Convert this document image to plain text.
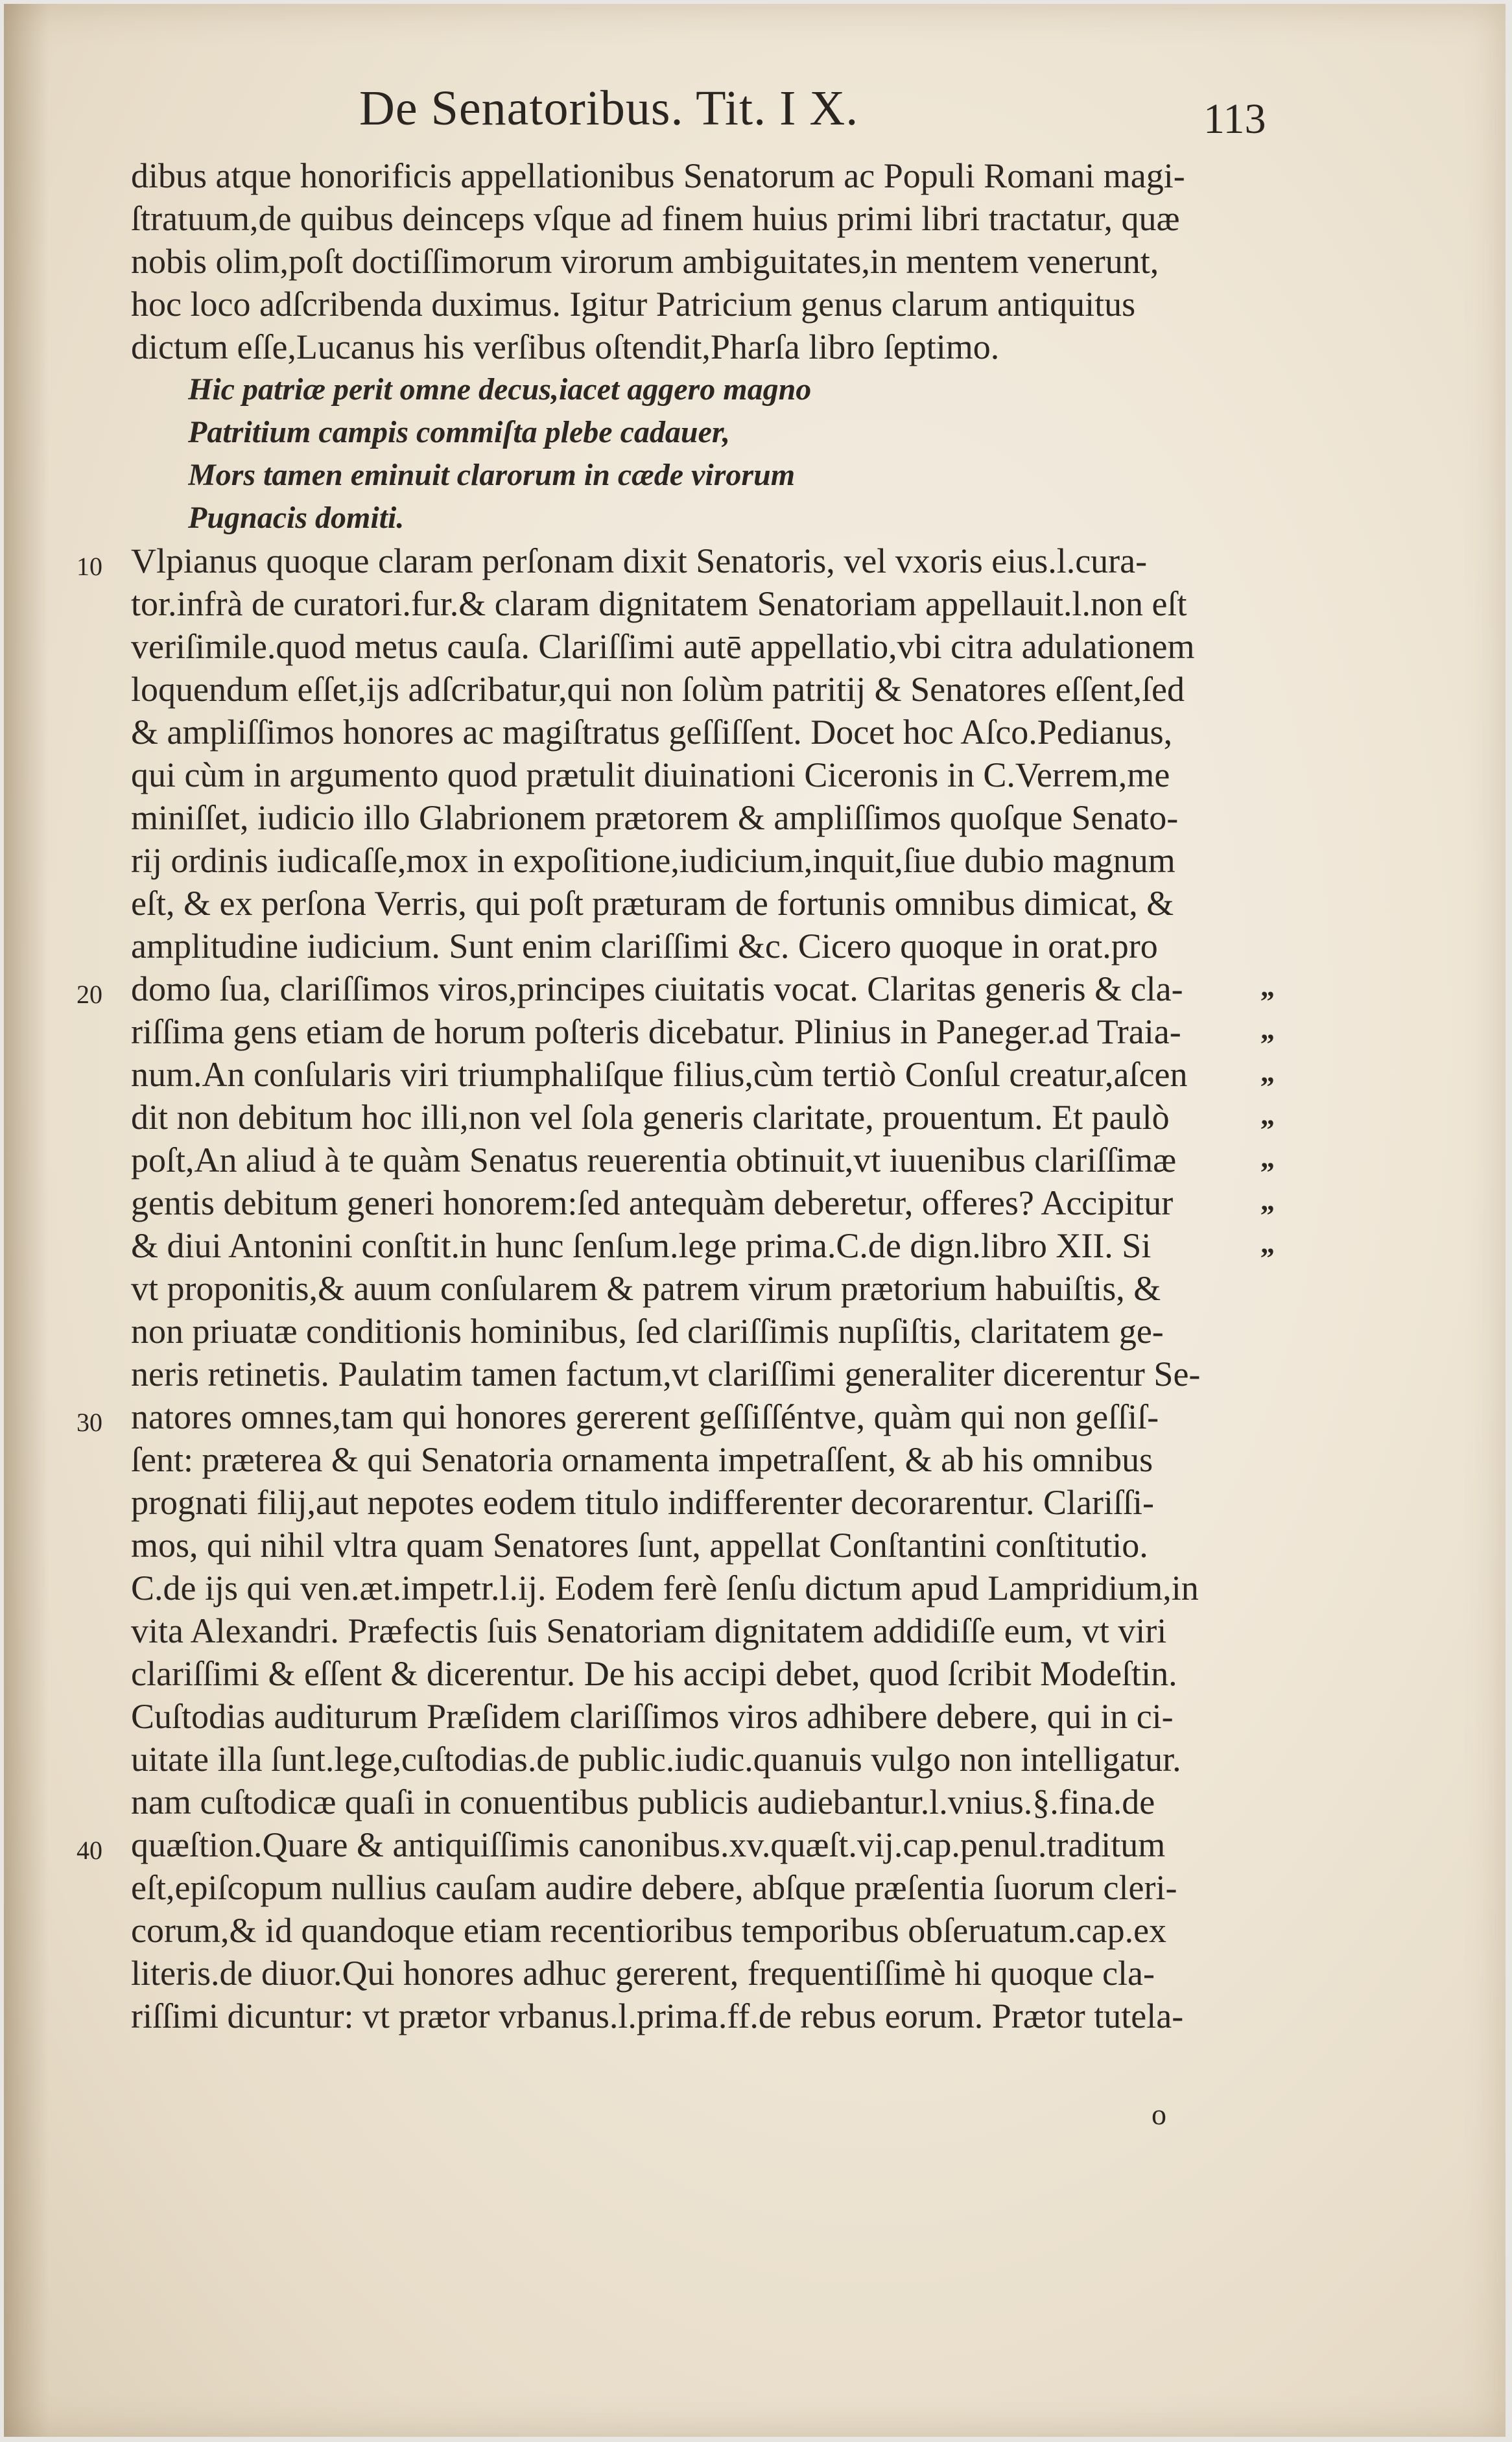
De Senatoribus. Tit. I X.	113

dibus atque honorificis appellationibus Senatorum ac Populi Romani magi-

ſtratuum,de quibus deinceps vſque ad finem huius primi libri tractatur, quæ

nobis olim,poſt doctiſſimorum virorum ambiguitates,in mentem venerunt,

hoc loco adſcribenda duximus. Igitur Patricium genus clarum antiquitus

dictum eſſe,Lucanus his verſibus oſtendit,Pharſa libro ſeptimo.

Hic patriæ perit omne decus,iacet aggero magno

Patritium campis commiſta plebe cadauer,

Mors tamen eminuit clarorum in cæde virorum

Pugnacis domiti.

Vlpianus quoque claram perſonam dixit Senatoris, vel vxoris eius.l.cura-

tor.infrà de curatori.fur.& claram dignitatem Senatoriam appellauit.l.non eſt

veriſimile.quod metus cauſa. Clariſſimi autē appellatio,vbi citra adulationem

loquendum eſſet,ijs adſcribatur,qui non ſolùm patritij & Senatores eſſent,ſed

& ampliſſimos honores ac magiſtratus geſſiſſent. Docet hoc Aſco.Pedianus,

qui cùm in argumento quod prætulit diuinationi Ciceronis in C.Verrem,me

miniſſet, iudicio illo Glabrionem prætorem & ampliſſimos quoſque Senato-

rij ordinis iudicaſſe,mox in expoſitione,iudicium,inquit,ſiue dubio magnum

eſt, & ex perſona Verris, qui poſt præturam de fortunis omnibus dimicat, &

amplitudine iudicium. Sunt enim clariſſimi &c. Cicero quoque in orat.pro

domo ſua, clariſſimos viros,principes ciuitatis vocat. Claritas generis & cla-

riſſima gens etiam de horum poſteris dicebatur. Plinius in Paneger.ad Traia-

num.An conſularis viri triumphaliſque filius,cùm tertiò Conſul creatur,aſcen

dit non debitum hoc illi,non vel ſola generis claritate, prouentum. Et paulò

poſt,An aliud à te quàm Senatus reuerentia obtinuit,vt iuuenibus clariſſimæ

gentis debitum generi honorem:ſed antequàm deberetur, offeres? Accipitur

& diui Antonini conſtit.in hunc ſenſum.lege prima.C.de dign.libro XII. Si

vt proponitis,& auum conſularem & patrem virum prætorium habuiſtis, &

non priuatæ conditionis hominibus, ſed clariſſimis nupſiſtis, claritatem ge-

neris retinetis. Paulatim tamen factum,vt clariſſimi generaliter dicerentur Se-

natores omnes,tam qui honores gererent geſſiſſéntve, quàm qui non geſſiſ-

ſent: præterea & qui Senatoria ornamenta impetraſſent, & ab his omnibus

prognati filij,aut nepotes eodem titulo indifferenter decorarentur. Clariſſi-

mos, qui nihil vltra quam Senatores ſunt, appellat Conſtantini conſtitutio.

C.de ijs qui ven.æt.impetr.l.ij. Eodem ferè ſenſu dictum apud Lampridium,in

vita Alexandri. Præfectis ſuis Senatoriam dignitatem addidiſſe eum, vt viri

clariſſimi & eſſent & dicerentur. De his accipi debet, quod ſcribit Modeſtin.

Cuſtodias auditurum Præſidem clariſſimos viros adhibere debere, qui in ci-

uitate illa ſunt.lege,cuſtodias.de public.iudic.quanuis vulgo non intelligatur.

nam cuſtodicæ quaſi in conuentibus publicis audiebantur.l.vnius.§.fina.de

quæſtion.Quare & antiquiſſimis canonibus.xv.quæſt.vij.cap.penul.traditum

eſt,epiſcopum nullius cauſam audire debere, abſque præſentia ſuorum cleri-

corum,& id quandoque etiam recentioribus temporibus obſeruatum.cap.ex

literis.de diuor.Qui honores adhuc gererent, frequentiſſimè hi quoque cla-

riſſimi dicuntur: vt prætor vrbanus.l.prima.ff.de rebus eorum. Prætor tutela-

10
20
30
40
„
„
„
„
„
„
„
o
